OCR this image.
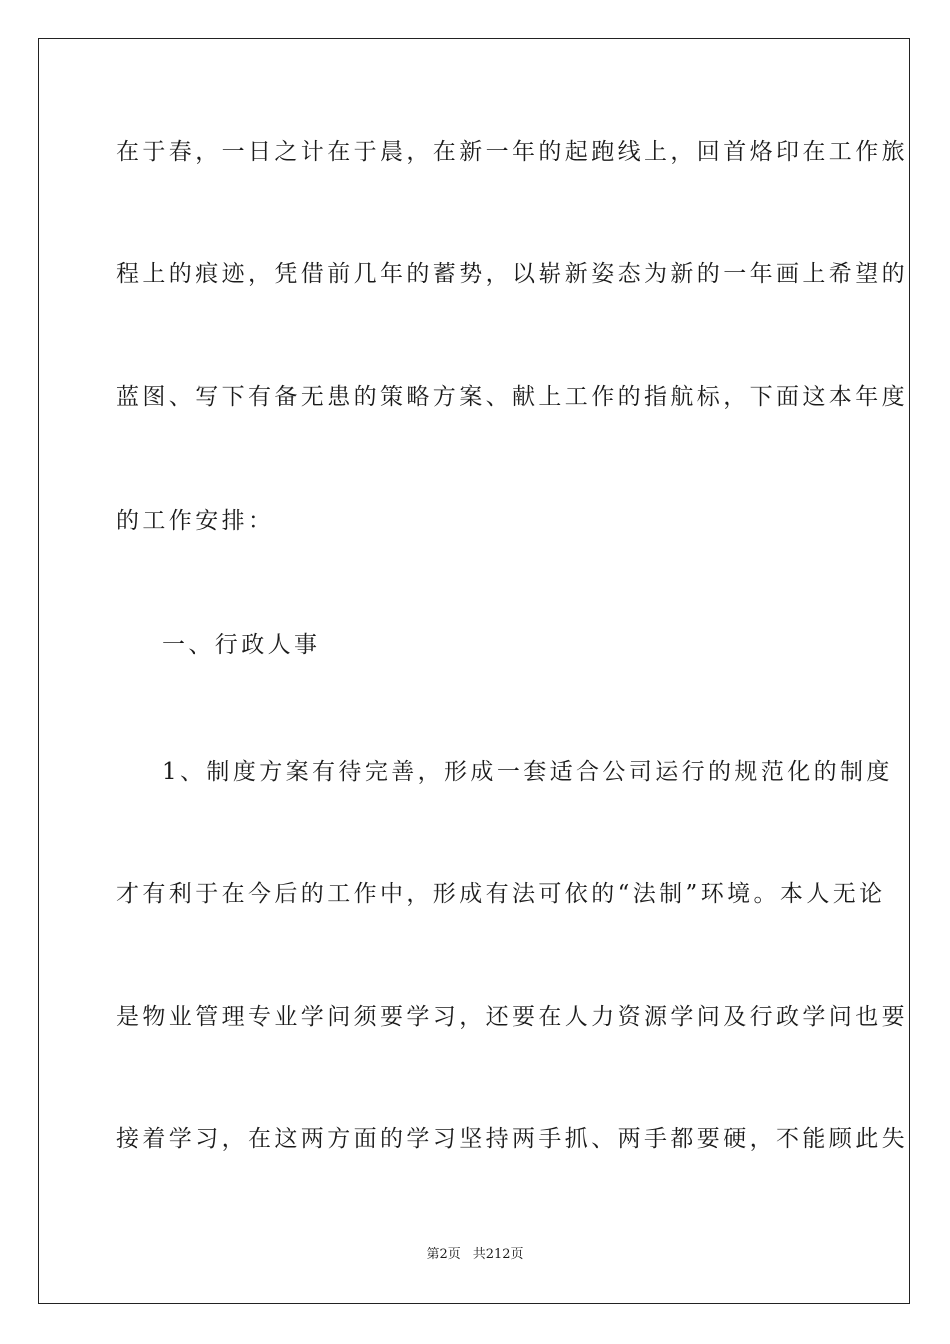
在于春，一日之计在于晨，在新一年的起跑线上，回首烙印在工作旅

程上的痕迹，凭借前几年的蓄势，以崭新姿态为新的一年画上希望的

蓝图、写下有备无患的策略方案、献上工作的指航标，下面这本年度

的工作安排：

一、行政人事

1、制度方案有待完善，形成一套适合公司运行的规范化的制度

才有利于在今后的工作中，形成有法可依的“法制”环境。本人无论

是物业管理专业学问须要学习，还要在人力资源学问及行政学问也要

接着学习，在这两方面的学习坚持两手抓、两手都要硬，不能顾此失

第2页 共212页
